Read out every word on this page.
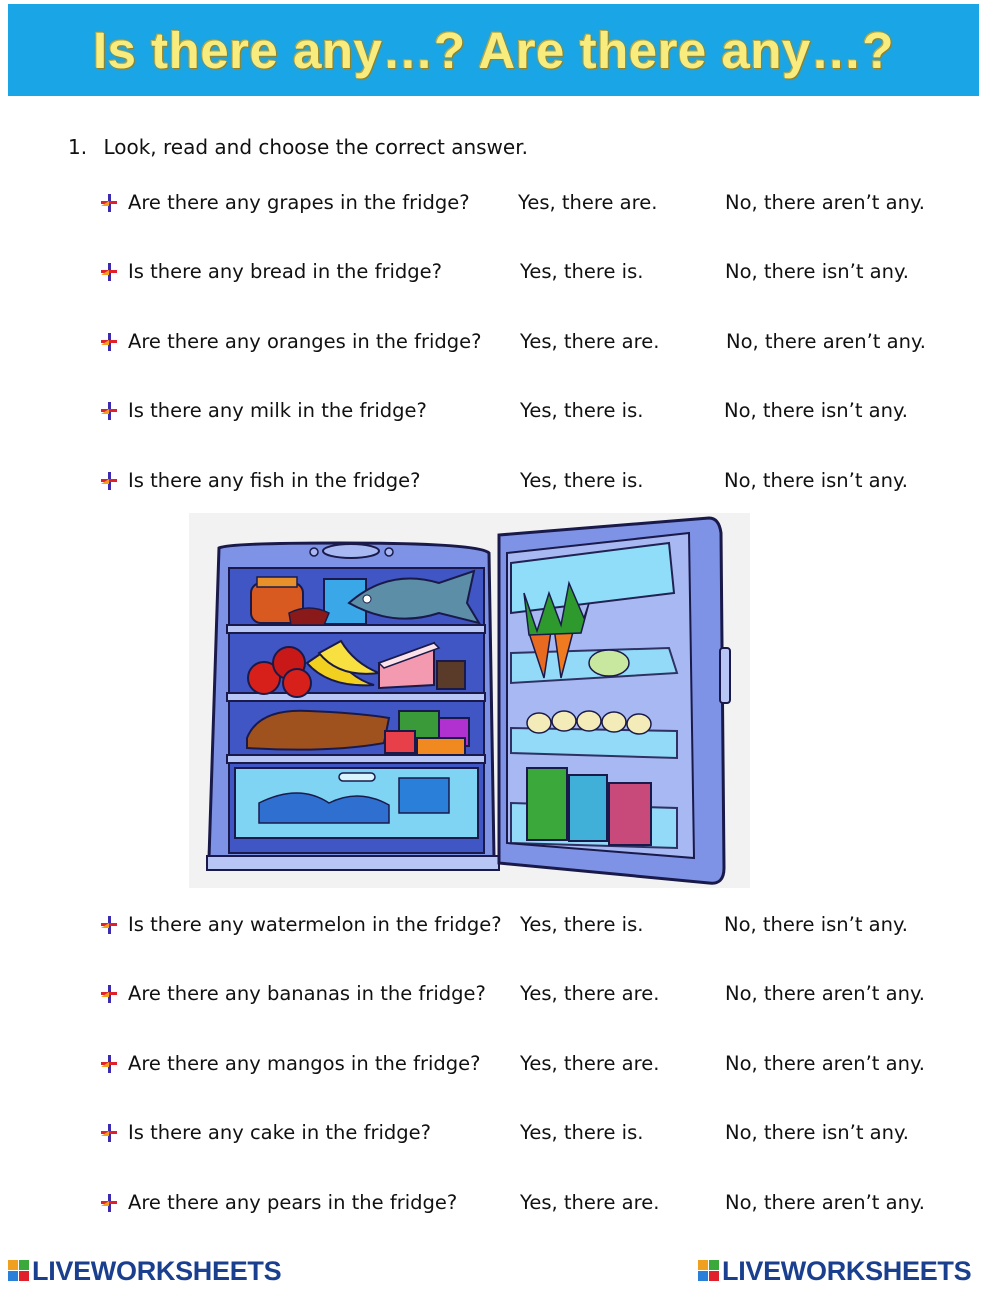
Is there any…? Are there any…?
1. Look, read and choose the correct answer.
Are there any grapes in the fridge? Yes, there are.	No, there aren’t any.
Is there any bread in the fridge?	Yes, there is.	No, there isn’t any.
Are there any oranges in the fridge? Yes, there are.	No, there aren’t any.
Is there any milk in the fridge?	Yes, there is.	No, there isn’t any.
Is there any fish in the fridge?	Yes, there is.	No, there isn’t any.
Is there any watermelon in the fridge? Yes, there is.	No, there isn’t any.
Are there any bananas in the fridge? Yes, there are.	No, there aren’t any.
Are there any mangos in the fridge? Yes, there are.	No, there aren’t any.
Is there any cake in the fridge?	Yes, there is.	No, there isn’t any.
Are there any pears in the fridge?	Yes, there are.	No, there aren’t any.
LIVEWORKSHEETS	LIVEWORKSHEETS
